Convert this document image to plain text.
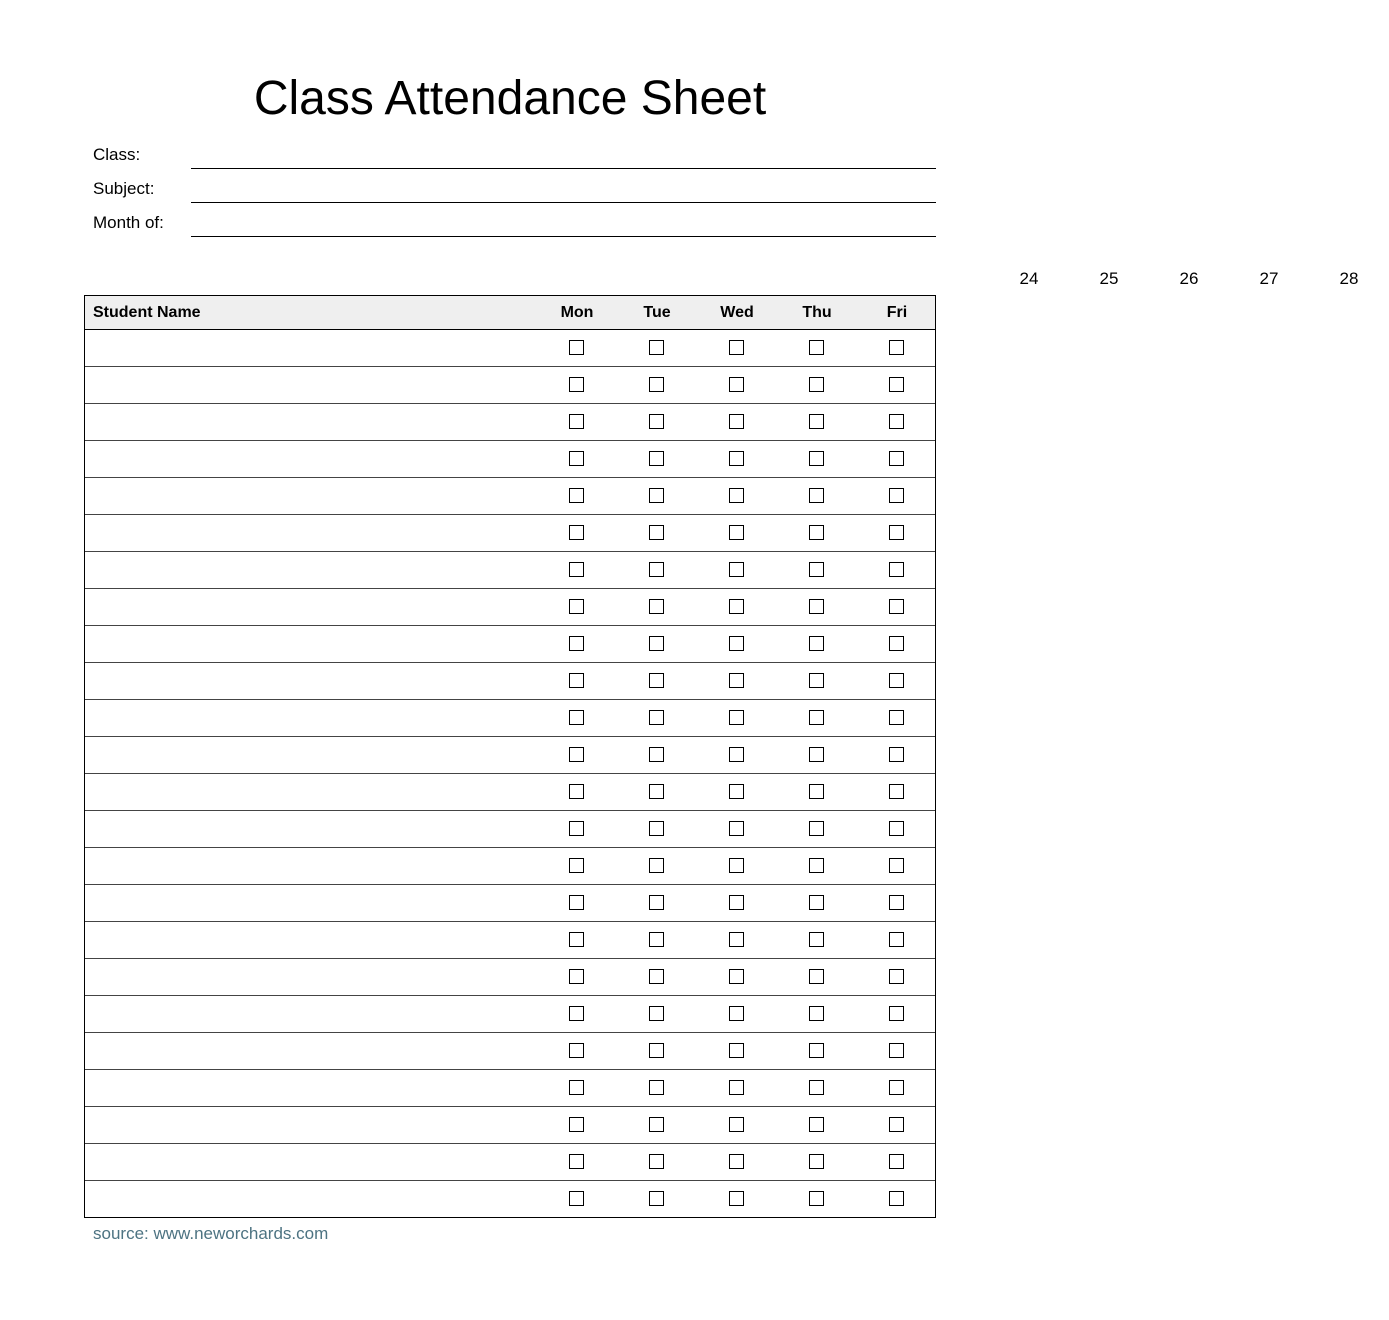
Class Attendance Sheet
Class:
Subject:
Month of:
24	25	26	27	28
Student Name	Mon	Tue	Wed	Thu	Fri
source: www.neworchards.com
